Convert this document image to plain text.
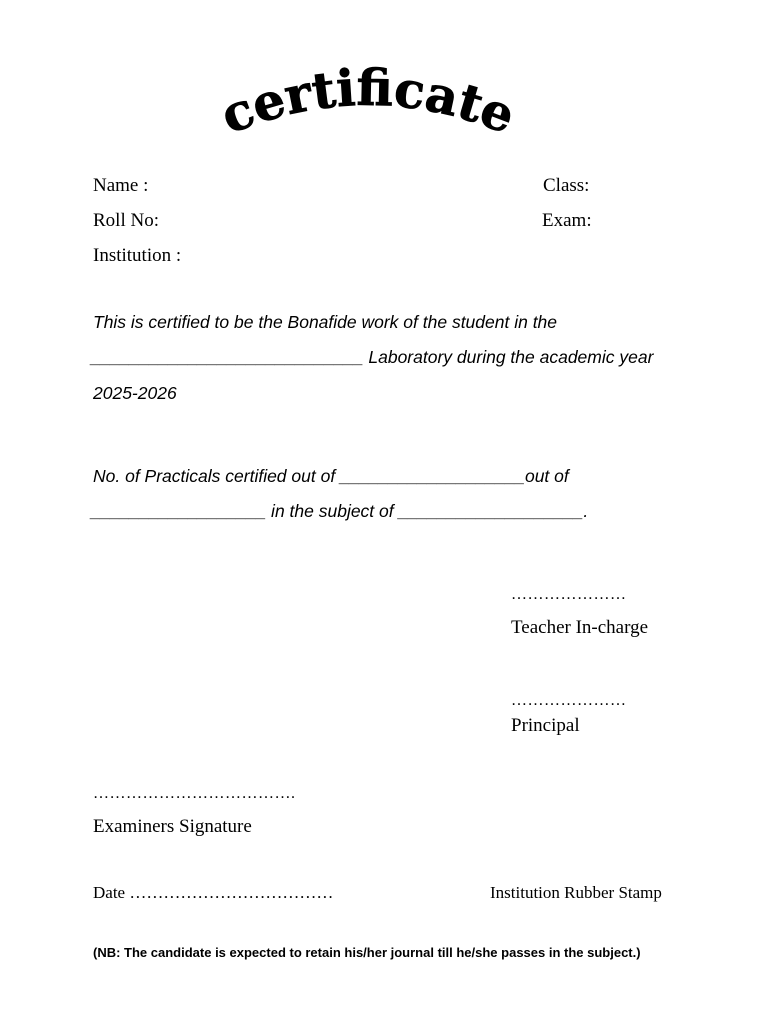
certificate
Name :	Class:
Roll No:	Exam:
Institution :
This is certified to be the Bonafide work of the student in the
____________________________ Laboratory during the academic year
2025-2026
No. of Practicals certified out of ___________________out of
__________________ in the subject of ___________________.
…………………
Teacher In-charge
…………………
Principal
……………………………….
Examiners Signature
Date ………………………………	Institution Rubber Stamp
(NB: The candidate is expected to retain his/her journal till he/she passes in the subject.)
